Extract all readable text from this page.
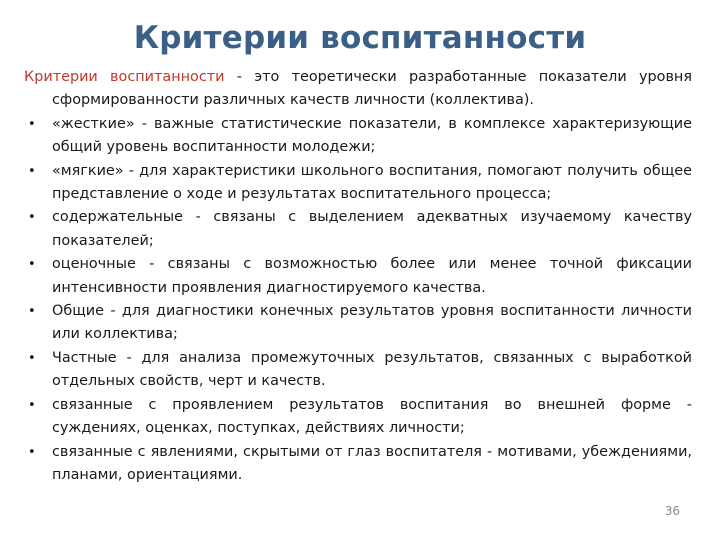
Критерии воспитанности

Критерии воспитанности - это теоретически разработанные показатели уровня сформированности различных качеств личности (коллектива).

• «жесткие» - важные статистические показатели, в комплексе характеризующие общий уровень воспитанности молодежи;
• «мягкие» - для характеристики школьного воспитания, помогают получить общее представление о ходе и результатах воспитательного процесса;
• содержательные - связаны с выделением адекватных изучаемому качеству показателей;
• оценочные - связаны с возможностью более или менее точной фиксации интенсивности проявления диагностируемого качества.
• Общие - для диагностики конечных результатов уровня воспитанности личности или коллектива;
• Частные - для анализа промежуточных результатов, связанных с выработкой отдельных свойств, черт и качеств.
• связанные с проявлением результатов воспитания во внешней форме - суждениях, оценках, поступках, действиях личности;
• связанные с явлениями, скрытыми от глаз воспитателя - мотивами, убеждениями, планами, ориентациями.
36
